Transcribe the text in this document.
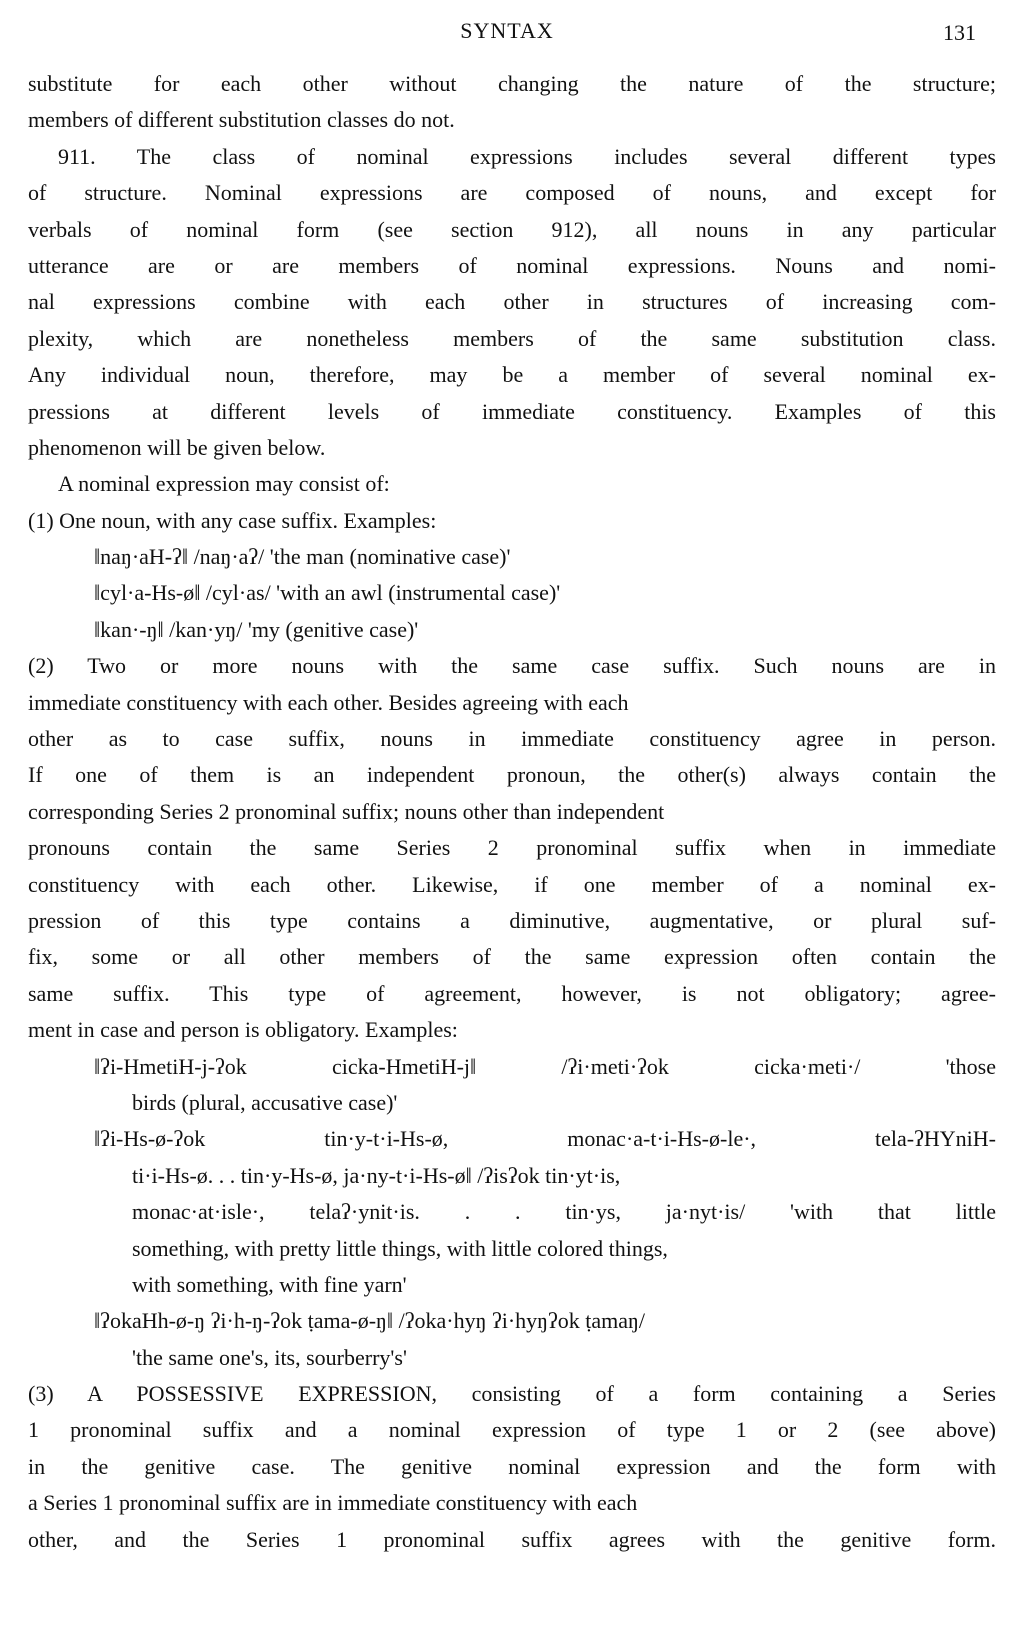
SYNTAX	131
substitute for each other without changing the nature of the structure;
members of different substitution classes do not.
911. The class of nominal expressions includes several different types
of structure. Nominal expressions are composed of nouns, and except for
verbals of nominal form (see section 912), all nouns in any particular
utterance are or are members of nominal expressions. Nouns and nomi-
nal expressions combine with each other in structures of increasing com-
plexity, which are nonetheless members of the same substitution class.
Any individual noun, therefore, may be a member of several nominal ex-
pressions at different levels of immediate constituency. Examples of this
phenomenon will be given below.
A nominal expression may consist of:
(1) One noun, with any case suffix. Examples:
‖naŋ·aH-ʔ‖ /naŋ·aʔ/ 'the man (nominative case)'
‖cyl·a-Hs-ø‖ /cyl·as/ 'with an awl (instrumental case)'
‖kan·-ŋ‖ /kan·yŋ/ 'my (genitive case)'
(2) Two or more nouns with the same case suffix. Such nouns are in
immediate constituency with each other. Besides agreeing with each
other as to case suffix, nouns in immediate constituency agree in person.
If one of them is an independent pronoun, the other(s) always contain the
corresponding Series 2 pronominal suffix; nouns other than independent
pronouns contain the same Series 2 pronominal suffix when in immediate
constituency with each other. Likewise, if one member of a nominal ex-
pression of this type contains a diminutive, augmentative, or plural suf-
fix, some or all other members of the same expression often contain the
same suffix. This type of agreement, however, is not obligatory; agree-
ment in case and person is obligatory. Examples:
‖ʔi-HmetiH-j-ʔok cicka-HmetiH-j‖ /ʔi·meti·ʔok cicka·meti·/ 'those
birds (plural, accusative case)'
‖ʔi-Hs-ø-ʔok tin·y-t·i-Hs-ø, monac·a-t·i-Hs-ø-le·, tela-ʔHYniH-
ti·i-Hs-ø. . . tin·y-Hs-ø, ja·ny-t·i-Hs-ø‖ /ʔisʔok tin·yt·is,
monac·at·isle·, telaʔ·ynit·is. . . tin·ys, ja·nyt·is/ 'with that little
something, with pretty little things, with little colored things,
with something, with fine yarn'
‖ʔokaHh-ø-ŋ ʔi·h-ŋ-ʔok ṭama-ø-ŋ‖ /ʔoka·hyŋ ʔi·hyŋʔok ṭamaŋ/
'the same one's, its, sourberry's'
(3) A POSSESSIVE EXPRESSION, consisting of a form containing a Series
1 pronominal suffix and a nominal expression of type 1 or 2 (see above)
in the genitive case. The genitive nominal expression and the form with
a Series 1 pronominal suffix are in immediate constituency with each
other, and the Series 1 pronominal suffix agrees with the genitive form.
